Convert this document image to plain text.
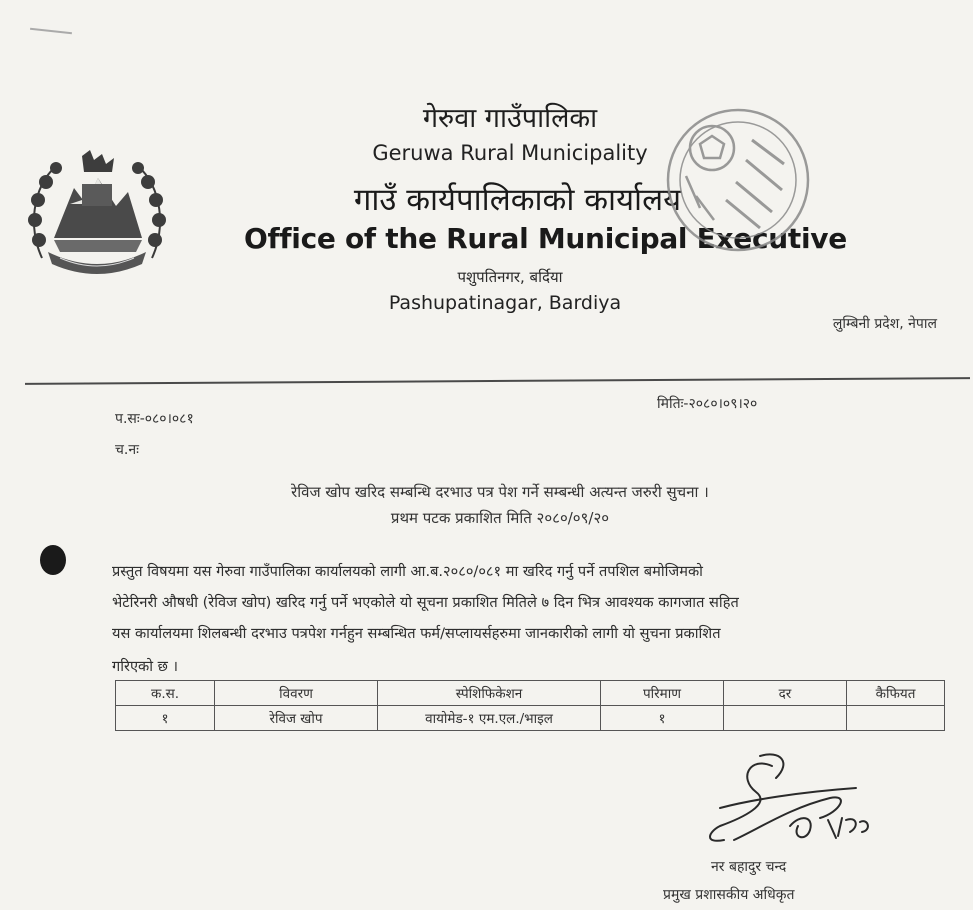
गेरुवा गाउँपालिका
Geruwa Rural Municipality
गाउँ कार्यपालिकाको कार्यालय
Office of the Rural Municipal Executive
पशुपतिनगर, बर्दिया
Pashupatinagar, Bardiya
लुम्बिनी प्रदेश, नेपाल
प.सः-०८०।०८१
मितिः-२०८०।०९।२०
च.नः
रेविज खोप खरिद सम्बन्धि दरभाउ पत्र पेश गर्ने सम्बन्धी अत्यन्त जरुरी सुचना ।
प्रथम पटक प्रकाशित मिति २०८०/०९/२०
प्रस्तुत विषयमा यस गेरुवा गाउँपालिका कार्यालयको लागी आ.ब.२०८०/०८१ मा खरिद गर्नु पर्ने तपशिल बमोजिमको
भेटेरिनरी औषधी (रेविज खोप) खरिद गर्नु पर्ने भएकोले यो सूचना प्रकाशित मितिले ७ दिन भित्र आवश्यक कागजात सहित
यस कार्यालयमा शिलबन्धी दरभाउ पत्रपेश गर्नहुन सम्बन्धित फर्म/सप्लायर्सहरुमा जानकारीको लागी यो सुचना प्रकाशित
गरिएको छ ।
क.स.	विवरण	स्पेशिफिकेशन	परिमाण	दर	कैफियत
१	रेविज खोप	वायोमेड-१ एम.एल./भाइल	१		
नर बहादुर चन्द
प्रमुख प्रशासकीय अधिकृत
